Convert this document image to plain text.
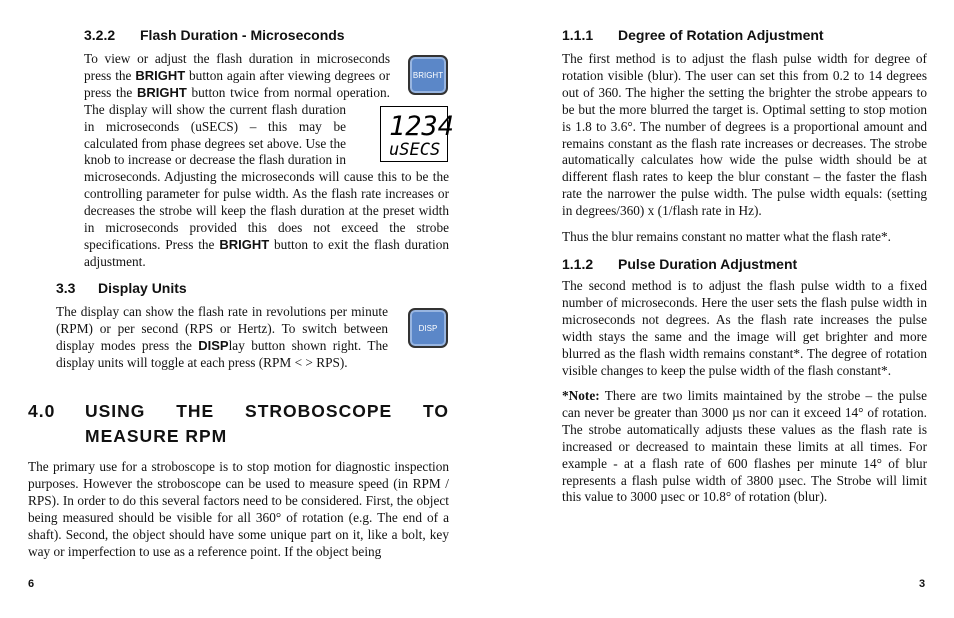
3.2.2 Flash Duration - Microseconds
BRIGHT
1234
uSECS
To view or adjust the flash duration in microseconds press the BRIGHT button again after viewing degrees or press the BRIGHT button twice from normal operation. The display will show the current flash duration in microseconds (uSECS) – this may be calculated from phase degrees set above. Use the knob to increase or decrease the flash duration in microseconds. Adjusting the microseconds will cause this to be the controlling parameter for pulse width. As the flash rate increases or decreases the strobe will keep the flash duration at the preset width in microseconds provided this does not exceed the strobe specifications. Press the BRIGHT button to exit the flash duration adjustment.
3.3 Display Units
DISP
The display can show the flash rate in revolutions per minute (RPM) or per second (RPS or Hertz). To switch between display modes press the DISPlay button shown right. The display units will toggle at each press (RPM < > RPS).
4.0 USING THE STROBOSCOPE TO
MEASURE RPM
The primary use for a stroboscope is to stop motion for diagnostic inspection purposes. However the stroboscope can be used to measure speed (in RPM / RPS). In order to do this several factors need to be considered. First, the object being measured should be visible for all 360° of rotation (e.g. The end of a shaft). Second, the object should have some unique part on it, like a bolt, key way or imperfection to use as a reference point. If the object being
6
1.1.1 Degree of Rotation Adjustment
The first method is to adjust the flash pulse width for degree of rotation visible (blur). The user can set this from 0.2 to 14 degrees out of 360. The higher the setting the brighter the strobe appears to be but the more blurred the target is. Optimal setting to stop motion is 1.8 to 3.6°. The number of degrees is a proportional amount and remains constant as the flash rate increases or decreases. The strobe automatically calculates how wide the pulse width should be at different flash rates to keep the blur constant – the faster the flash rate the narrower the pulse width. The pulse width equals: (setting in degrees/360) x (1/flash rate in Hz).
Thus the blur remains constant no matter what the flash rate*.
1.1.2 Pulse Duration Adjustment
The second method is to adjust the flash pulse width to a fixed number of microseconds. Here the user sets the flash pulse width in microseconds not degrees. As the flash rate increases the pulse width stays the same and the image will get brighter and more blurred as the flash width remains constant*. The degree of rotation visible changes to keep the pulse width of the flash constant*.
*Note: There are two limits maintained by the strobe – the pulse can never be greater than 3000 µs nor can it exceed 14° of rotation. The strobe automatically adjusts these values as the flash rate is increased or decreased to maintain these limits at all times. For example - at a flash rate of 600 flashes per minute 14° of blur represents a flash pulse width of 3800 µsec. The Strobe will limit this value to 3000 µsec or 10.8° of rotation (blur).
3
